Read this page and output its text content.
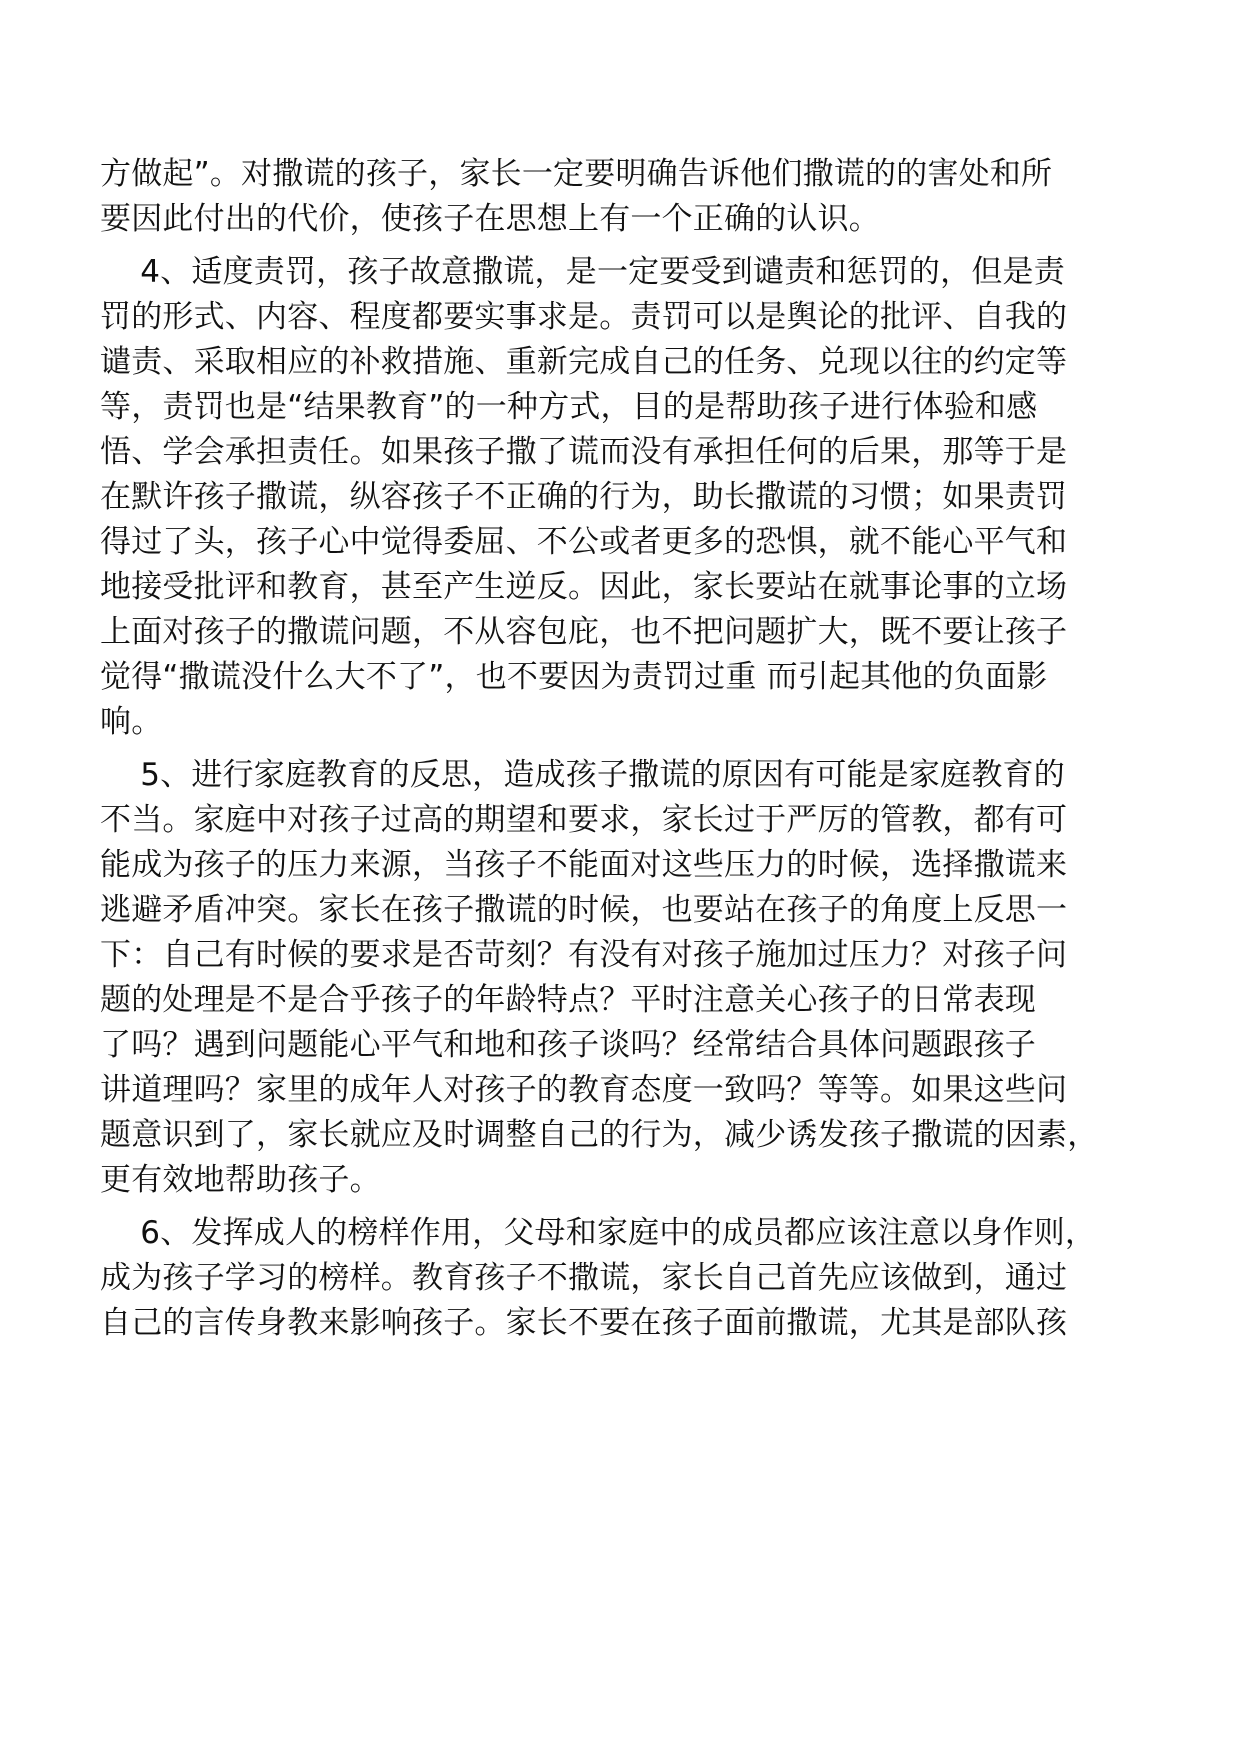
方做起”。对撒谎的孩子，家长一定要明确告诉他们撒谎的的害处和所
要因此付出的代价，使孩子在思想上有一个正确的认识。
4、适度责罚，孩子故意撒谎，是一定要受到谴责和惩罚的，但是责
罚的形式、内容、程度都要实事求是。责罚可以是舆论的批评、自我的
谴责、采取相应的补救措施、重新完成自己的任务、兑现以往的约定等
等，责罚也是“结果教育”的一种方式，目的是帮助孩子进行体验和感
悟、学会承担责任。如果孩子撒了谎而没有承担任何的后果，那等于是
在默许孩子撒谎，纵容孩子不正确的行为，助长撒谎的习惯；如果责罚
得过了头，孩子心中觉得委屈、不公或者更多的恐惧，就不能心平气和
地接受批评和教育，甚至产生逆反。因此，家长要站在就事论事的立场
上面对孩子的撒谎问题，不从容包庇，也不把问题扩大，既不要让孩子
觉得“撒谎没什么大不了”，也不要因为责罚过重 而引起其他的负面影
响。
5、进行家庭教育的反思，造成孩子撒谎的原因有可能是家庭教育的
不当。家庭中对孩子过高的期望和要求，家长过于严厉的管教，都有可
能成为孩子的压力来源，当孩子不能面对这些压力的时候，选择撒谎来
逃避矛盾冲突。家长在孩子撒谎的时候，也要站在孩子的角度上反思一
下：自己有时候的要求是否苛刻？有没有对孩子施加过压力？对孩子问
题的处理是不是合乎孩子的年龄特点？平时注意关心孩子的日常表现
了吗？遇到问题能心平气和地和孩子谈吗？经常结合具体问题跟孩子
讲道理吗？家里的成年人对孩子的教育态度一致吗？等等。如果这些问
题意识到了，家长就应及时调整自己的行为，减少诱发孩子撒谎的因素，
更有效地帮助孩子。
6、发挥成人的榜样作用，父母和家庭中的成员都应该注意以身作则，
成为孩子学习的榜样。教育孩子不撒谎，家长自己首先应该做到，通过
自己的言传身教来影响孩子。家长不要在孩子面前撒谎，尤其是部队孩
